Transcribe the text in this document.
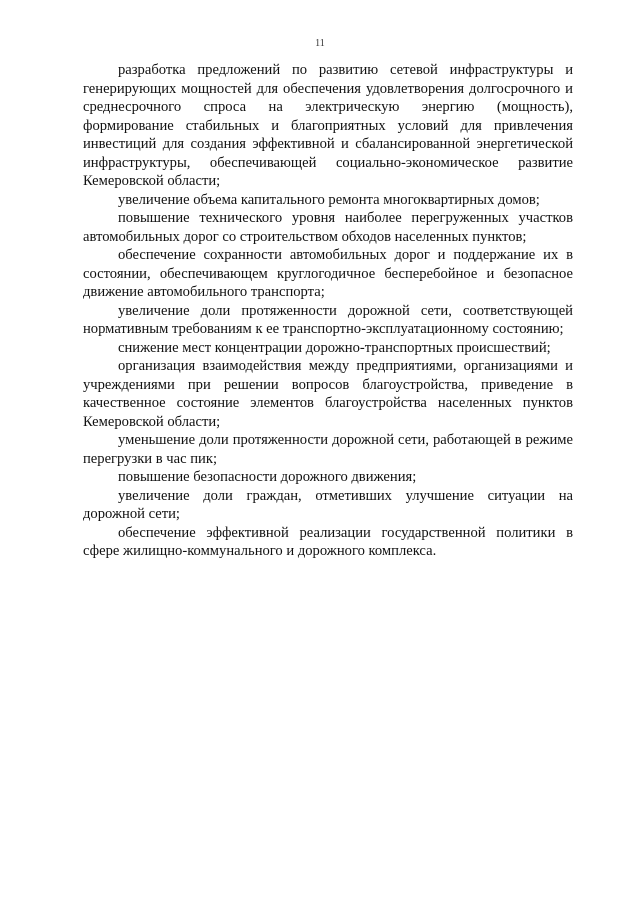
11

разработка предложений по развитию сетевой инфраструктуры и генерирующих мощностей для обеспечения удовлетворения долгосрочного и среднесрочного спроса на электрическую энергию (мощность), формирование стабильных и благоприятных условий для привлечения инвестиций для создания эффективной и сбалансированной энергетической инфраструктуры, обеспечивающей социально-экономическое развитие Кемеровской области;

увеличение объема капитального ремонта многоквартирных домов;

повышение технического уровня наиболее перегруженных участков автомобильных дорог со строительством обходов населенных пунктов;

обеспечение сохранности автомобильных дорог и поддержание их в состоянии, обеспечивающем круглогодичное бесперебойное и безопасное движение автомобильного транспорта;

увеличение доли протяженности дорожной сети, соответствующей нормативным требованиям к ее транспортно-эксплуатационному состоянию;

снижение мест концентрации дорожно-транспортных происшествий;

организация взаимодействия между предприятиями, организациями и учреждениями при решении вопросов благоустройства, приведение в качественное состояние элементов благоустройства населенных пунктов Кемеровской области;

уменьшение доли протяженности дорожной сети, работающей в режиме перегрузки в час пик;

повышение безопасности дорожного движения;

увеличение доли граждан, отметивших улучшение ситуации на дорожной сети;

обеспечение эффективной реализации государственной политики в сфере жилищно-коммунального и дорожного комплекса.
